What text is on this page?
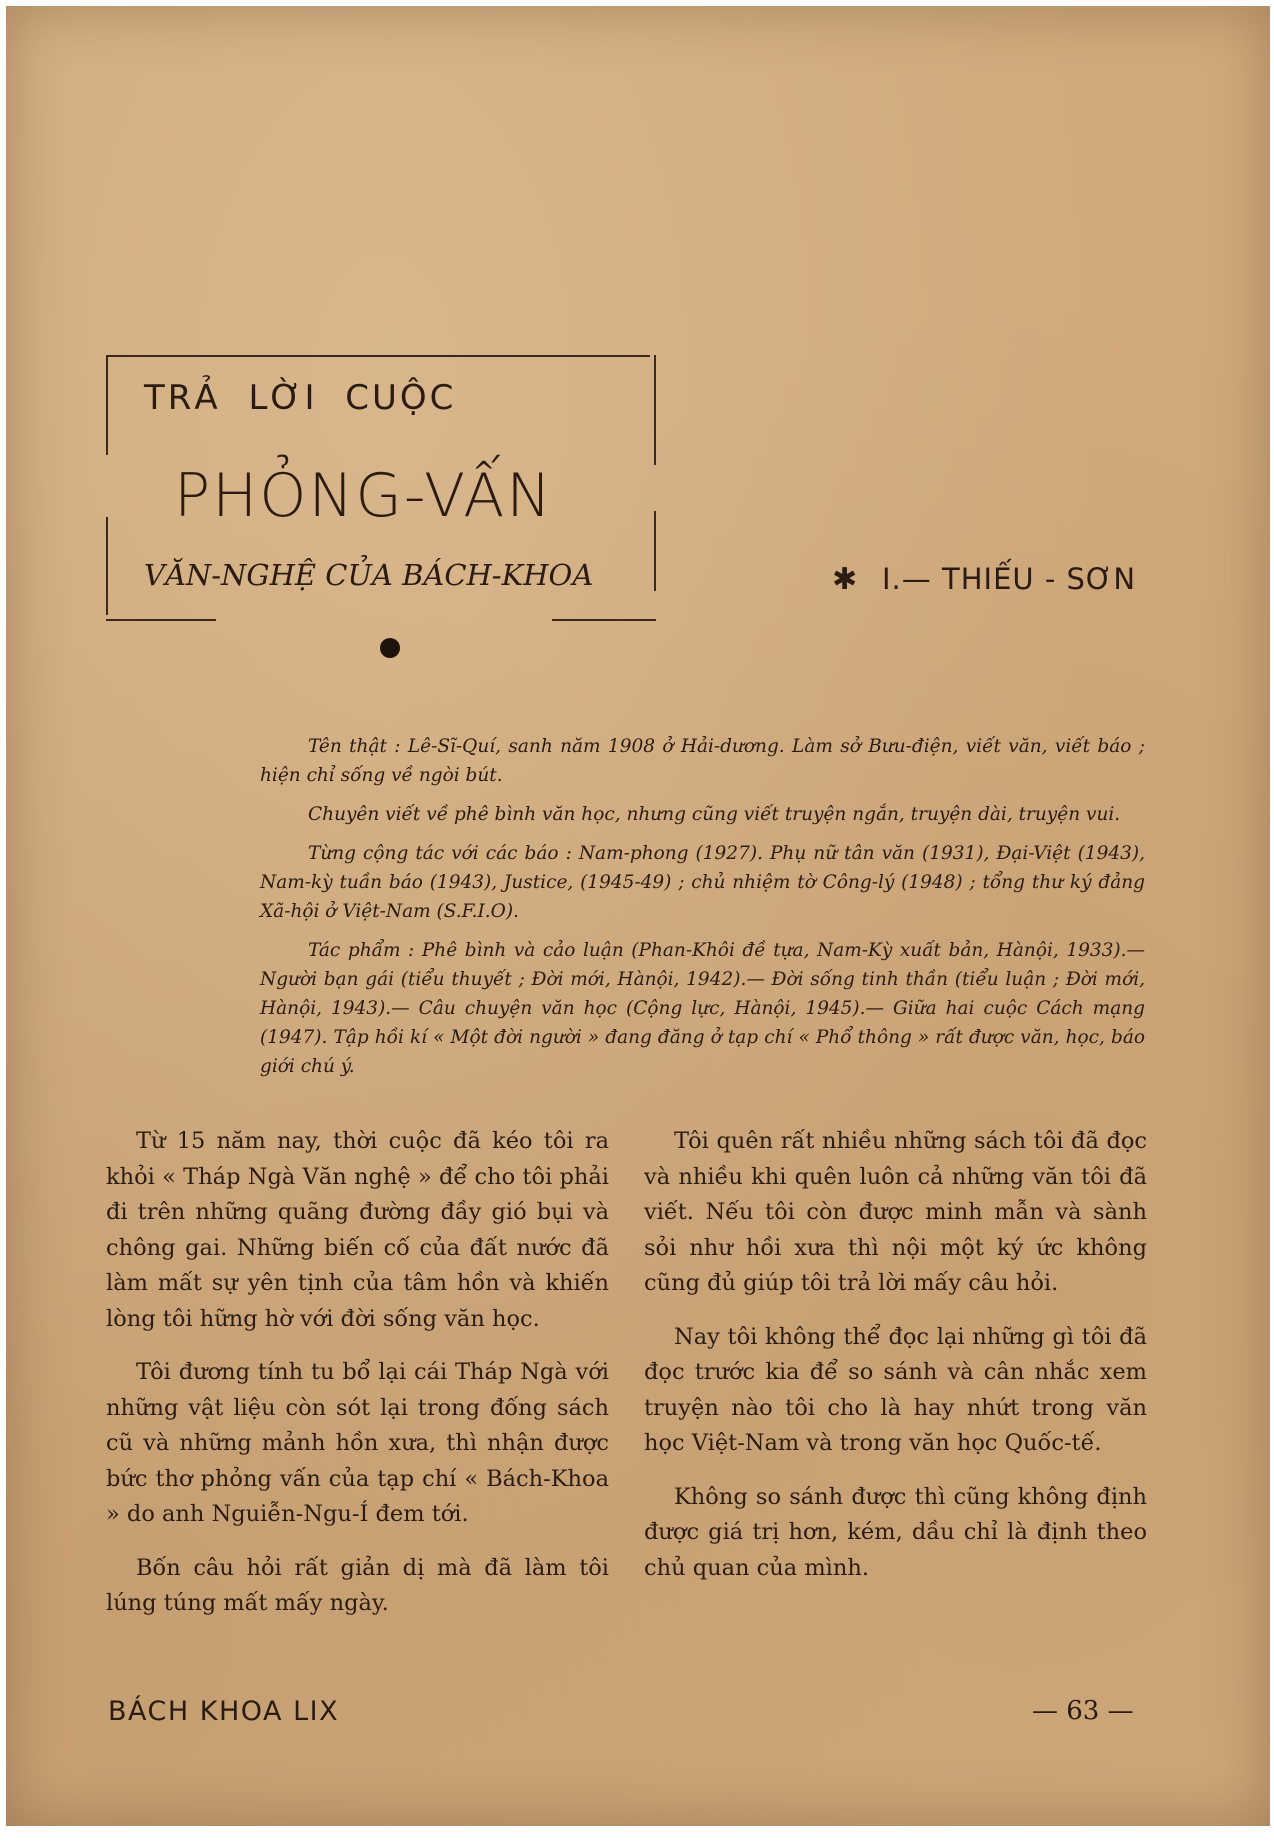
TRẢ LỜI CUỘC
PHỎNG-VẤN
VĂN-NGHỆ CỦA BÁCH-KHOA	✱ I.— THIẾU - SƠN

Tên thật : Lê-Sĩ-Quí, sanh năm 1908 ở Hải-dương. Làm sở Bưu-điện, viết văn, viết báo ; hiện chỉ sống về ngòi bút.

Chuyên viết về phê bình văn học, nhưng cũng viết truyện ngắn, truyện dài, truyện vui.

Từng cộng tác với các báo : Nam-phong (1927). Phụ nữ tân văn (1931), Đại-Việt (1943), Nam-kỳ tuần báo (1943), Justice, (1945-49) ; chủ nhiệm tờ Công-lý (1948) ; tổng thư ký đảng Xã-hội ở Việt-Nam (S.F.I.O).

Tác phẩm : Phê bình và cảo luận (Phan-Khôi đề tựa, Nam-Kỳ xuất bản, Hànội, 1933).— Người bạn gái (tiểu thuyết ; Đời mới, Hànội, 1942).— Đời sống tinh thần (tiểu luận ; Đời mới, Hànội, 1943).— Câu chuyện văn học (Cộng lực, Hànội, 1945).— Giữa hai cuộc Cách mạng (1947). Tập hồi kí « Một đời người » đang đăng ở tạp chí « Phổ thông » rất được văn, học, báo giới chú ý.

Từ 15 năm nay, thời cuộc đã kéo tôi ra khỏi « Tháp Ngà Văn nghệ » để cho tôi phải đi trên những quãng đường đầy gió bụi và chông gai. Những biến cố của đất nước đã làm mất sự yên tịnh của tâm hồn và khiến lòng tôi hững hờ với đời sống văn học.

Tôi đương tính tu bổ lại cái Tháp Ngà với những vật liệu còn sót lại trong đống sách cũ và những mảnh hồn xưa, thì nhận được bức thơ phỏng vấn của tạp chí « Bách-Khoa » do anh Nguiễn-Ngu-Í đem tới.

Bốn câu hỏi rất giản dị mà đã làm tôi lúng túng mất mấy ngày.

Tôi quên rất nhiều những sách tôi đã đọc và nhiều khi quên luôn cả những văn tôi đã viết. Nếu tôi còn được minh mẫn và sành sỏi như hồi xưa thì nội một ký ức không cũng đủ giúp tôi trả lời mấy câu hỏi.

Nay tôi không thể đọc lại những gì tôi đã đọc trước kia để so sánh và cân nhắc xem truyện nào tôi cho là hay nhứt trong văn học Việt-Nam và trong văn học Quốc-tế.

Không so sánh được thì cũng không định được giá trị hơn, kém, dầu chỉ là định theo chủ quan của mình.

BÁCH KHOA LIX	— 63 —
